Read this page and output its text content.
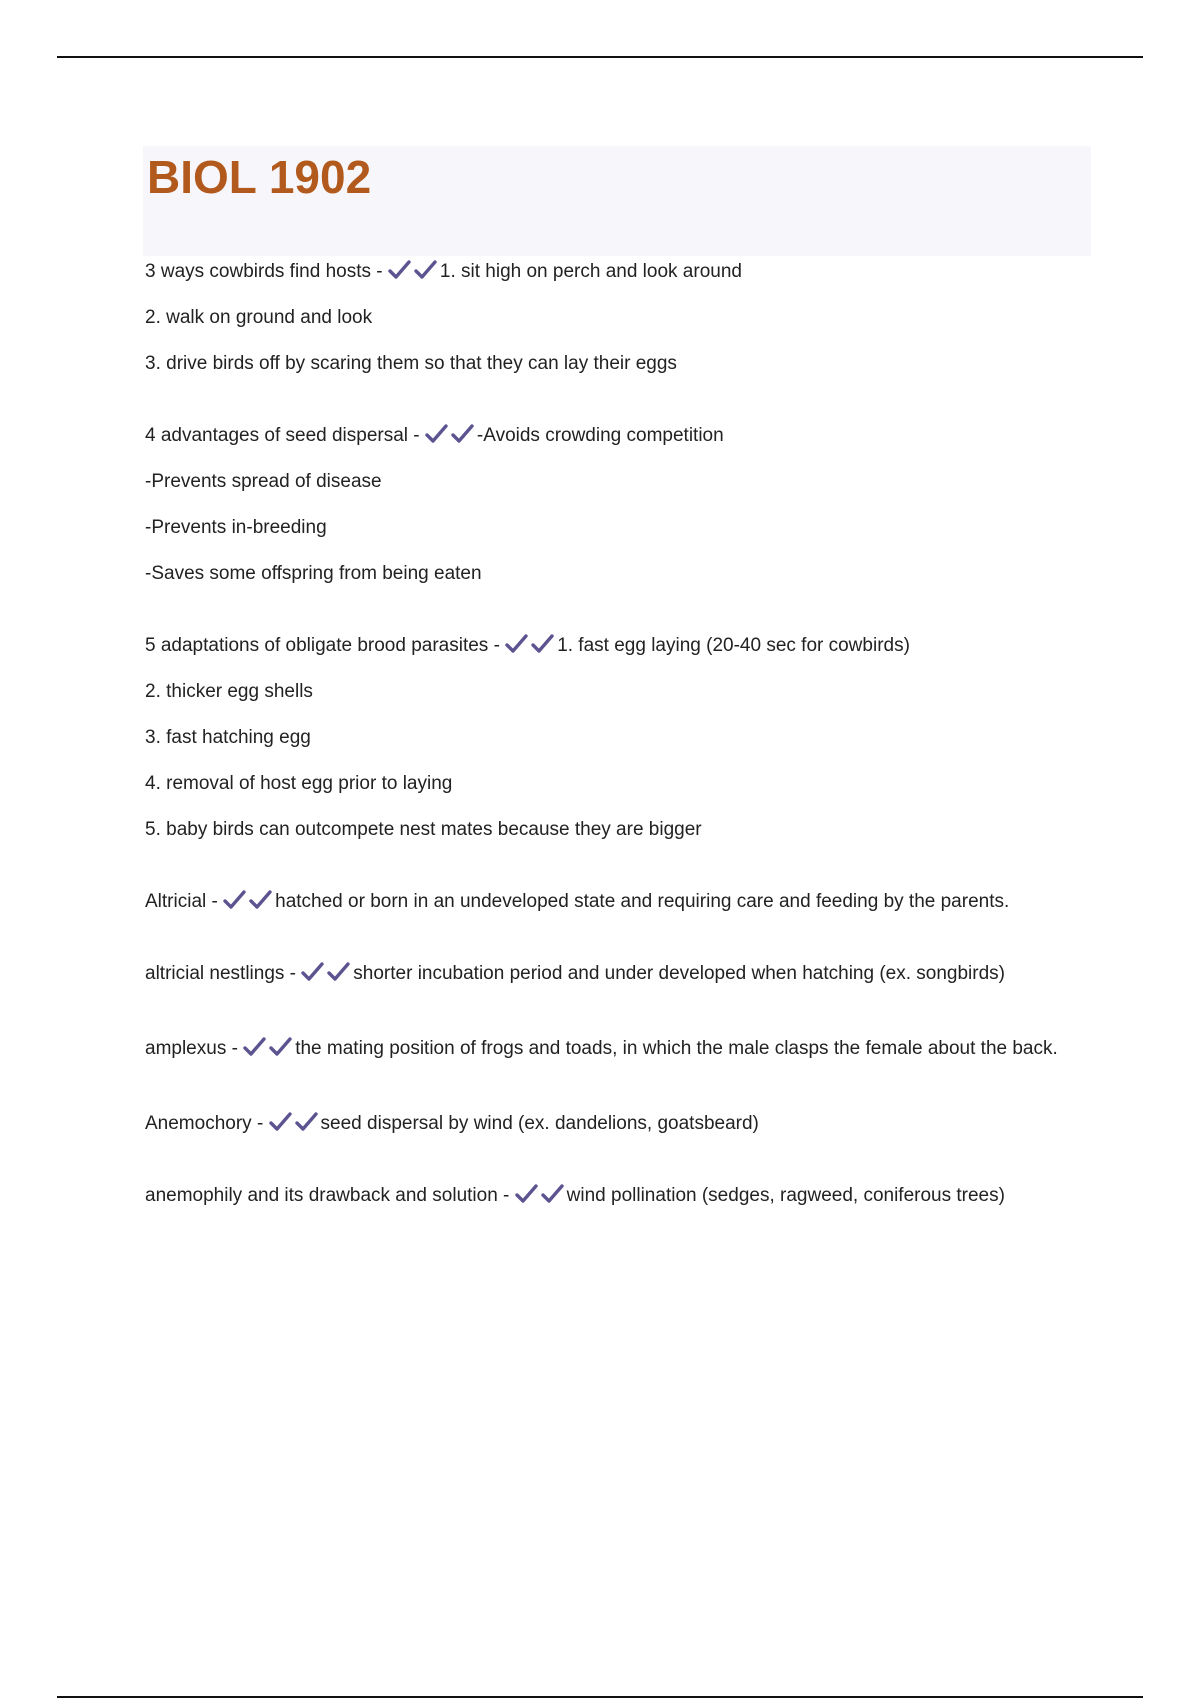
BIOL 1902
3 ways cowbirds find hosts -	1. sit high on perch and look around
2. walk on ground and look
3. drive birds off by scaring them so that they can lay their eggs
4 advantages of seed dispersal -	-Avoids crowding competition
-Prevents spread of disease
-Prevents in-breeding
-Saves some offspring from being eaten
5 adaptations of obligate brood parasites -	1. fast egg laying (20-40 sec for cowbirds)
2. thicker egg shells
3. fast hatching egg
4. removal of host egg prior to laying
5. baby birds can outcompete nest mates because they are bigger
Altricial -	hatched or born in an undeveloped state and requiring care and feeding by the parents.
altricial nestlings -	shorter incubation period and under developed when hatching (ex. songbirds)
amplexus -	the mating position of frogs and toads, in which the male clasps the female about the back.
Anemochory -	seed dispersal by wind (ex. dandelions, goatsbeard)
anemophily and its drawback and solution -	wind pollination (sedges, ragweed, coniferous trees)
